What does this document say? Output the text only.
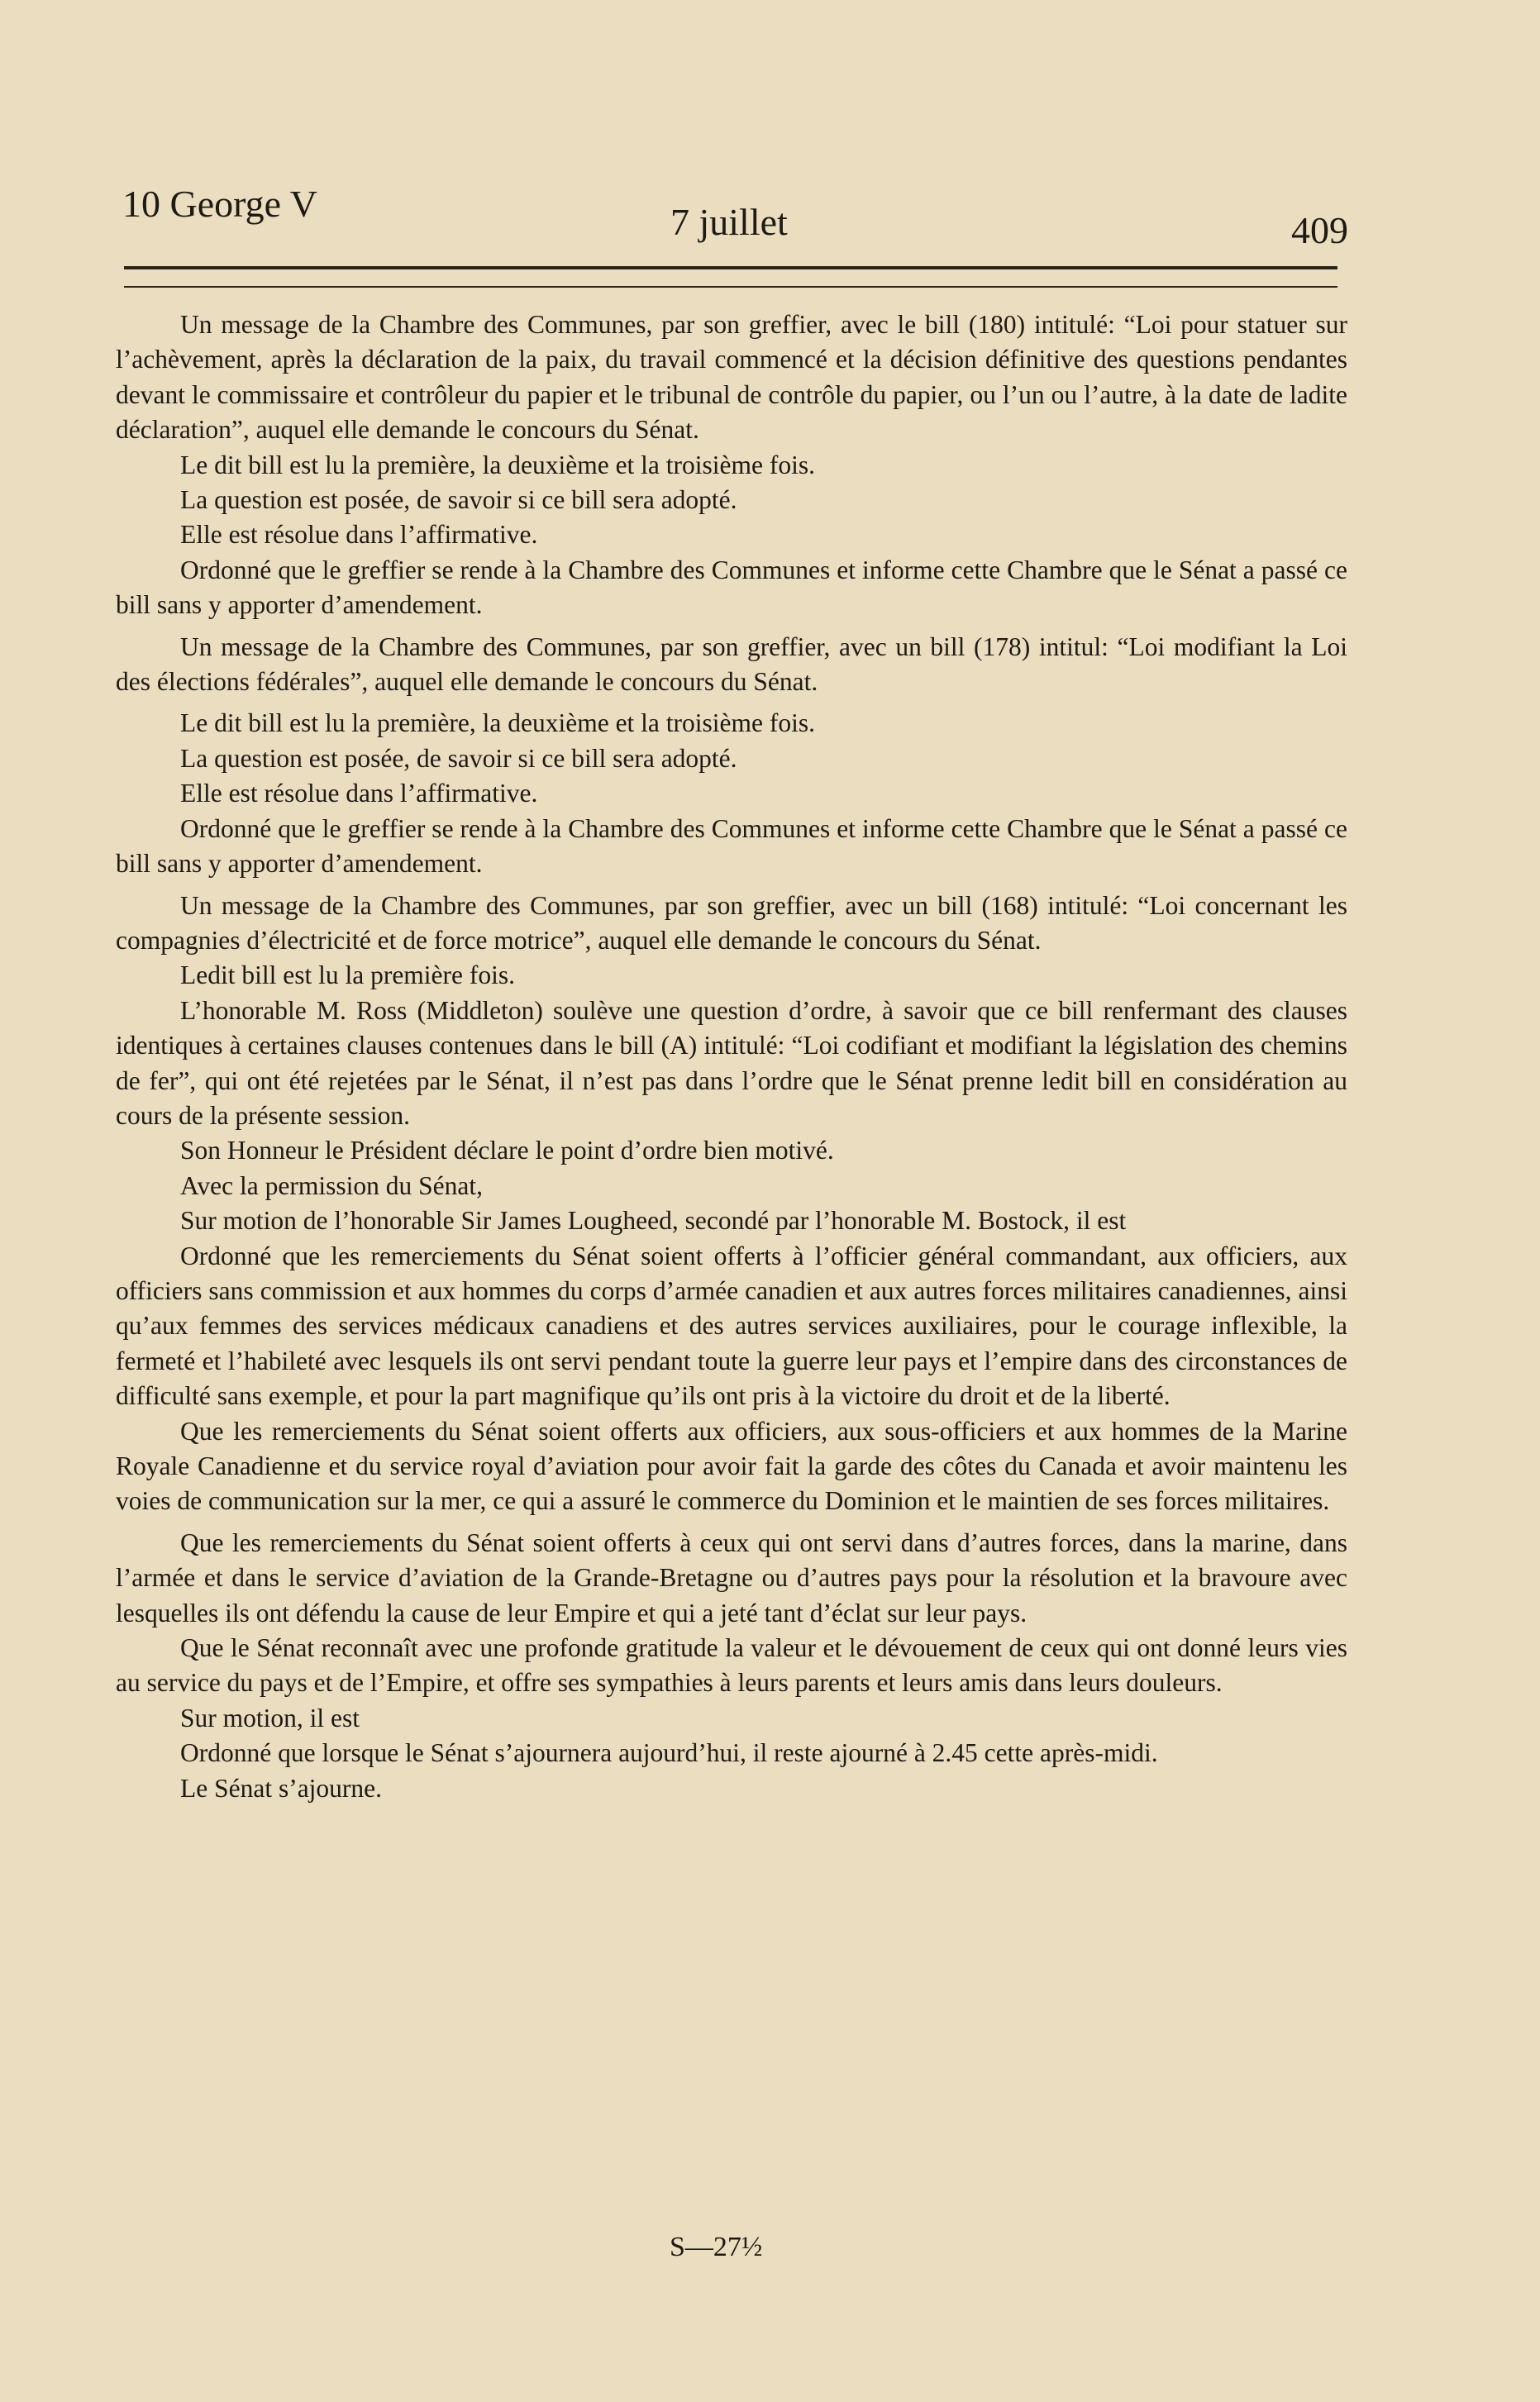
10 George V	7 juillet	409

Un message de la Chambre des Communes, par son greffier, avec le bill (180) intitulé: “Loi pour statuer sur l’achèvement, après la déclaration de la paix, du travail commencé et la décision définitive des questions pendantes devant le commissaire et contrôleur du papier et le tribunal de contrôle du papier, ou l’un ou l’autre, à la date de ladite déclaration”, auquel elle demande le concours du Sénat.

Le dit bill est lu la première, la deuxième et la troisième fois.

La question est posée, de savoir si ce bill sera adopté.

Elle est résolue dans l’affirmative.

Ordonné que le greffier se rende à la Chambre des Communes et informe cette Chambre que le Sénat a passé ce bill sans y apporter d’amendement.

Un message de la Chambre des Communes, par son greffier, avec un bill (178) intitul: “Loi modifiant la Loi des élections fédérales”, auquel elle demande le concours du Sénat.

Le dit bill est lu la première, la deuxième et la troisième fois.

La question est posée, de savoir si ce bill sera adopté.

Elle est résolue dans l’affirmative.

Ordonné que le greffier se rende à la Chambre des Communes et informe cette Chambre que le Sénat a passé ce bill sans y apporter d’amendement.

Un message de la Chambre des Communes, par son greffier, avec un bill (168) intitulé: “Loi concernant les compagnies d’électricité et de force motrice”, auquel elle demande le concours du Sénat.

Ledit bill est lu la première fois.

L’honorable M. Ross (Middleton) soulève une question d’ordre, à savoir que ce bill renfermant des clauses identiques à certaines clauses contenues dans le bill (A) intitulé: “Loi codifiant et modifiant la législation des chemins de fer”, qui ont été rejetées par le Sénat, il n’est pas dans l’ordre que le Sénat prenne ledit bill en considération au cours de la présente session.

Son Honneur le Président déclare le point d’ordre bien motivé.

Avec la permission du Sénat,

Sur motion de l’honorable Sir James Lougheed, secondé par l’honorable M. Bostock, il est

Ordonné que les remerciements du Sénat soient offerts à l’officier général commandant, aux officiers, aux officiers sans commission et aux hommes du corps d’armée canadien et aux autres forces militaires canadiennes, ainsi qu’aux femmes des services médicaux canadiens et des autres services auxiliaires, pour le courage inflexible, la fermeté et l’habileté avec lesquels ils ont servi pendant toute la guerre leur pays et l’empire dans des circonstances de difficulté sans exemple, et pour la part magnifique qu’ils ont pris à la victoire du droit et de la liberté.

Que les remerciements du Sénat soient offerts aux officiers, aux sous-officiers et aux hommes de la Marine Royale Canadienne et du service royal d’aviation pour avoir fait la garde des côtes du Canada et avoir maintenu les voies de communication sur la mer, ce qui a assuré le commerce du Dominion et le maintien de ses forces militaires.

Que les remerciements du Sénat soient offerts à ceux qui ont servi dans d’autres forces, dans la marine, dans l’armée et dans le service d’aviation de la Grande-Bretagne ou d’autres pays pour la résolution et la bravoure avec lesquelles ils ont défendu la cause de leur Empire et qui a jeté tant d’éclat sur leur pays.

Que le Sénat reconnaît avec une profonde gratitude la valeur et le dévouement de ceux qui ont donné leurs vies au service du pays et de l’Empire, et offre ses sympathies à leurs parents et leurs amis dans leurs douleurs.

Sur motion, il est

Ordonné que lorsque le Sénat s’ajournera aujourd’hui, il reste ajourné à 2.45 cette après-midi.

Le Sénat s’ajourne.

S—27½
